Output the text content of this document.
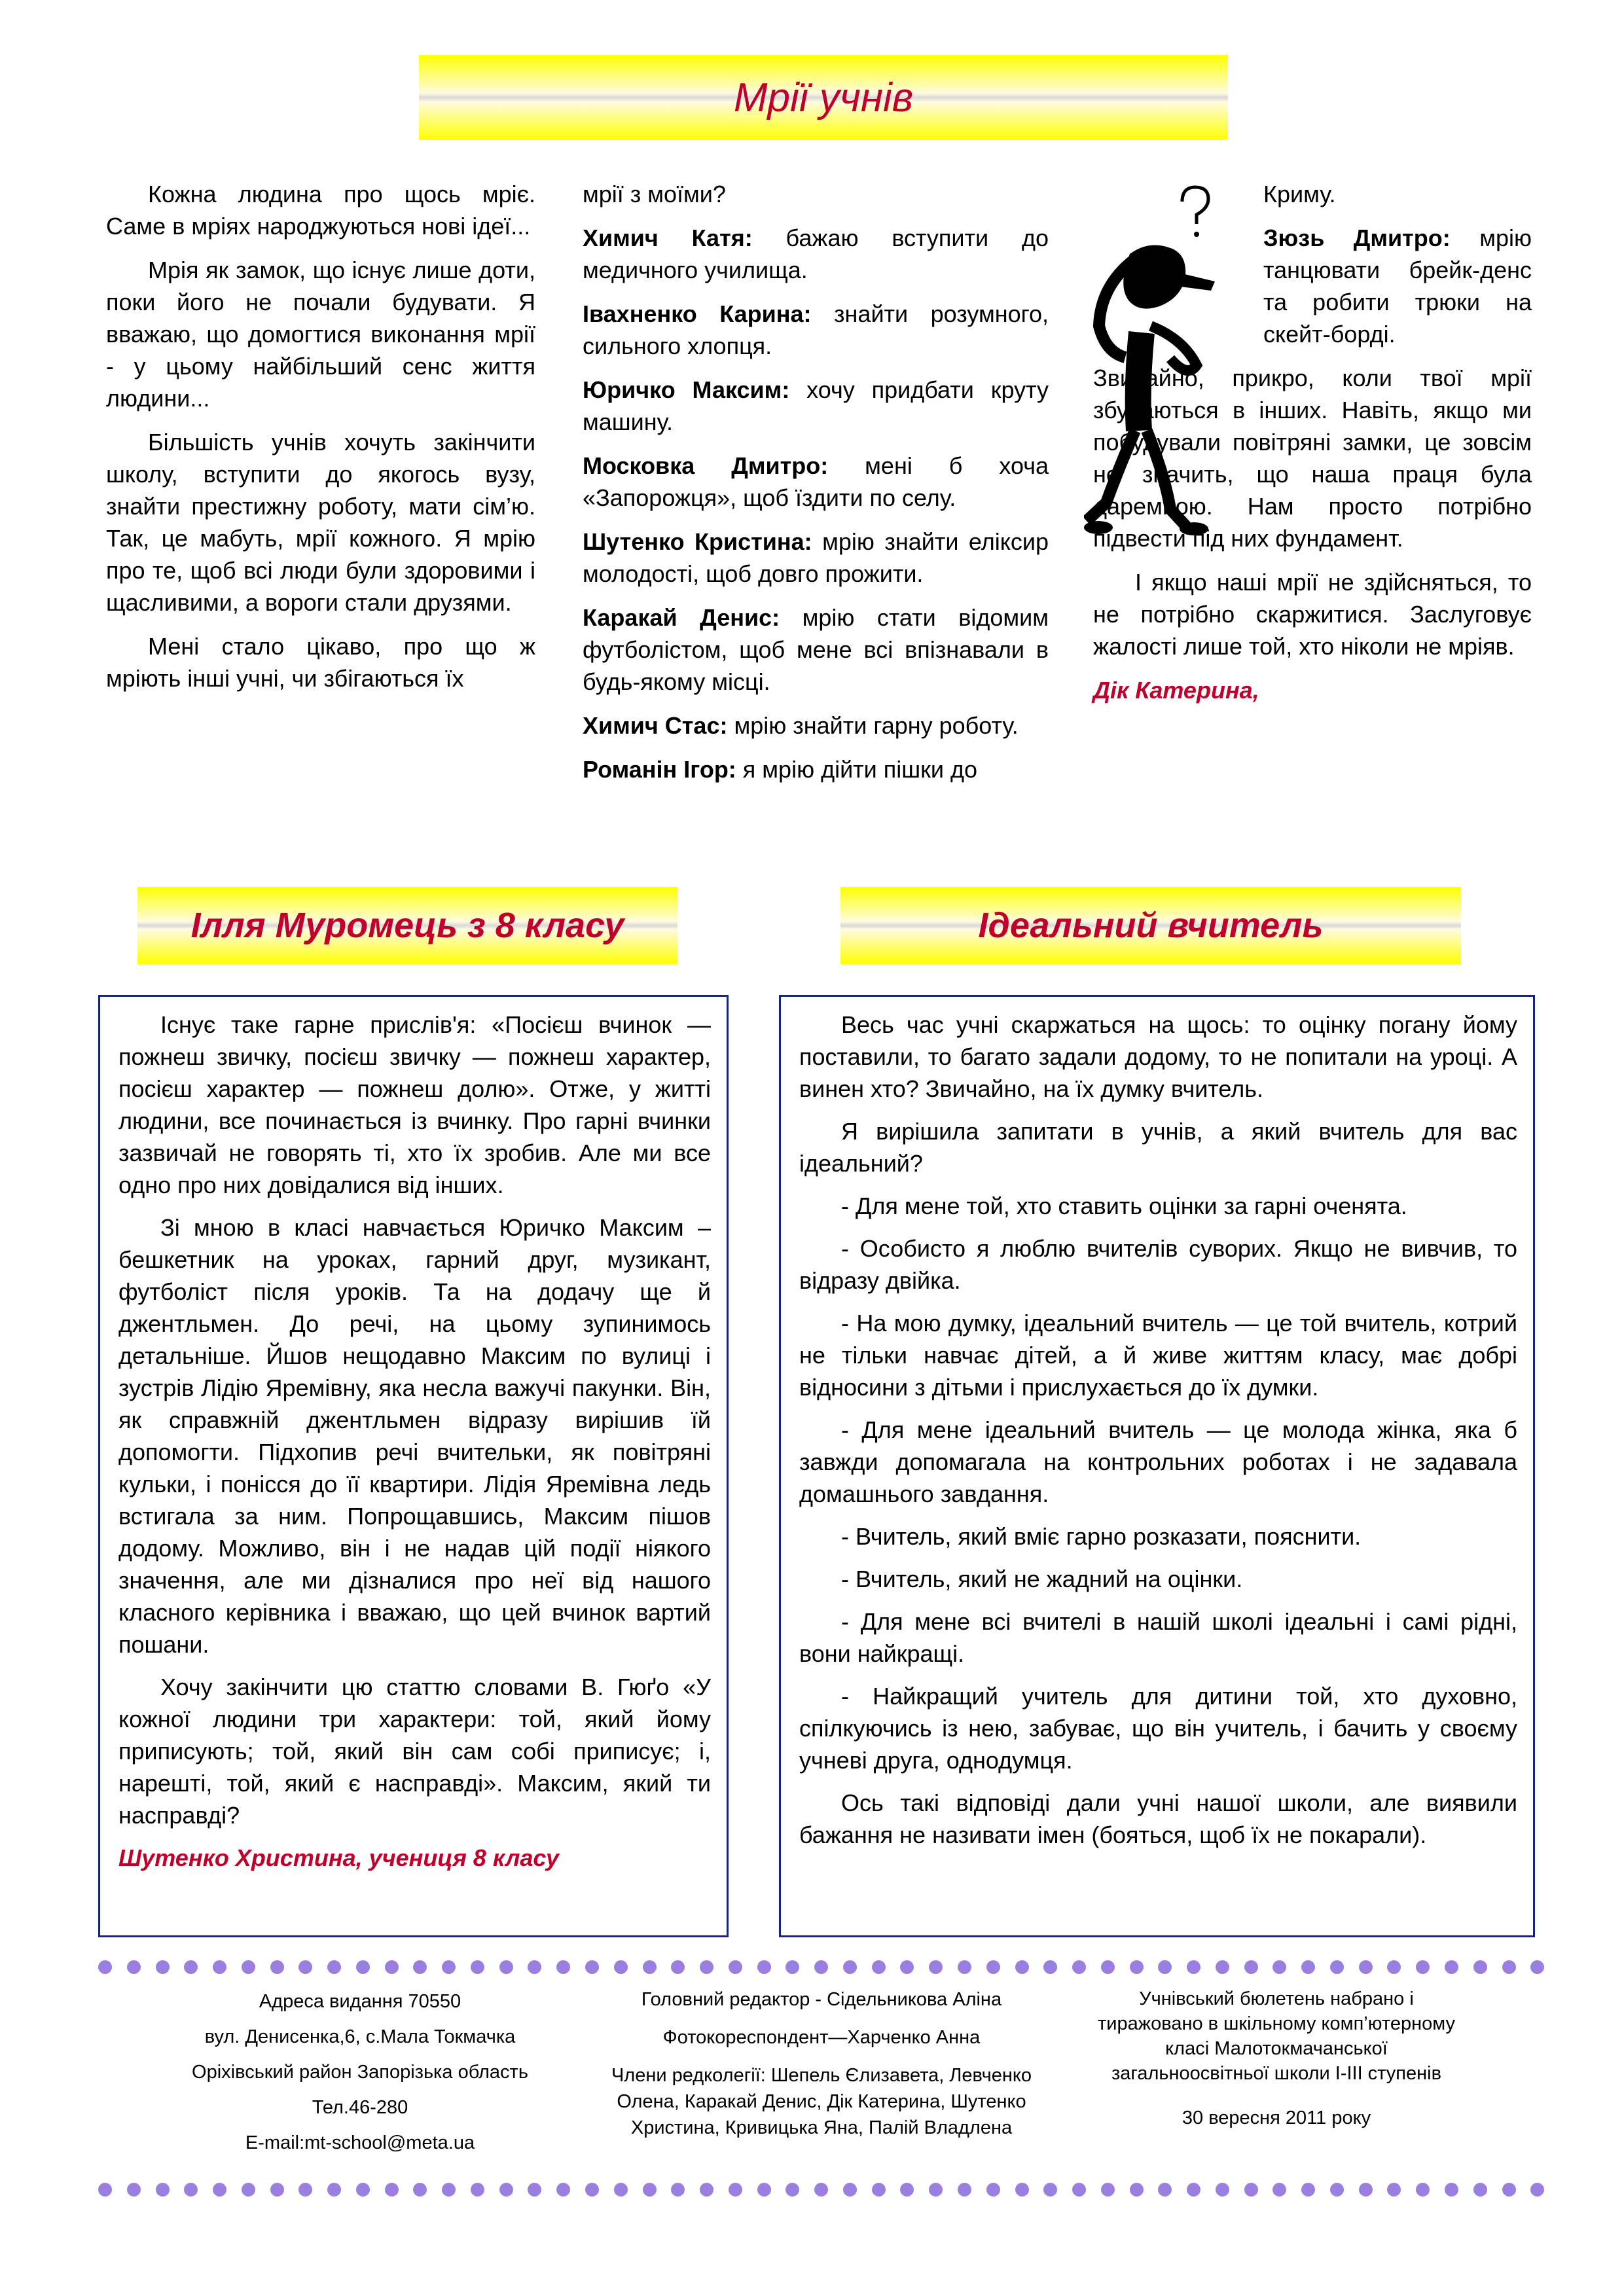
Мрії учнів

Кожна людина про щось мріє. Саме в мріях народжуються нові ідеї...

Мрія як замок, що існує лише доти, поки його не почали будувати. Я вважаю, що домогтися виконання мрії - у цьому найбільший сенс життя людини...

Більшість учнів хочуть закінчити школу, вступити до якогось вузу, знайти престижну роботу, мати сім’ю. Так, це мабуть, мрії кожного. Я мрію про те, щоб всі люди були здоровими і щасливими, а вороги стали друзями.

Мені стало цікаво, про що ж мріють інші учні, чи збігаються їх

мрії з моїми?

Химич Катя: бажаю вступити до медичного училища.

Івахненко Карина: знайти розумного, сильного хлопця.

Юричко Максим: хочу придбати круту машину.

Московка Дмитро: мені б хоча «Запорожця», щоб їздити по селу.

Шутенко Кристина: мрію знайти еліксир молодості, щоб довго прожити.

Каракай Денис: мрію стати відомим футболістом, щоб мене всі впізнавали в будь-якому місці.

Химич Стас: мрію знайти гарну роботу.

Романін Ігор: я мрію дійти пішки до

Криму.

Зюзь Дмитро: мрію танцювати брейк-денс та робити трюки на скейт-борді.

Звичайно, прикро, коли твої мрії збуваються в інших. Навіть, якщо ми побудували повітряні замки, це зовсім не значить, що наша праця була даремною. Нам просто потрібно підвести під них фундамент.

І якщо наші мрії не здійсняться, то не потрібно скаржитися. Заслуговує жалості лише той, хто ніколи не мріяв.

Дік Катерина,

Ілля Муромець з 8 класу	Ідеальний вчитель

Існує таке гарне прислів'я: «Посієш вчинок — пожнеш звичку, посієш звичку — пожнеш характер, посієш характер — пожнеш долю». Отже, у житті людини, все починається із вчинку. Про гарні вчинки зазвичай не говорять ті, хто їх зробив. Але ми все одно про них довідалися від інших.

Зі мною в класі навчається Юричко Максим – бешкетник на уроках, гарний друг, музикант, футболіст після уроків. Та на додачу ще й джентльмен. До речі, на цьому зупинимось детальніше. Йшов нещодавно Максим по вулиці і зустрів Лідію Яремівну, яка несла важучі пакунки. Він, як справжній джентльмен відразу вирішив їй допомогти. Підхопив речі вчительки, як повітряні кульки, і понісся до її квартири. Лідія Яремівна ледь встигала за ним. Попрощавшись, Максим пішов додому. Можливо, він і не надав цій події ніякого значення, але ми дізналися про неї від нашого класного керівника і вважаю, що цей вчинок вартий пошани.

Хочу закінчити цю статтю словами В. Гюґо «У кожної людини три характери: той, який йому приписують; той, який він сам собі приписує; і, нарешті, той, який є насправді». Максим, який ти насправді?

Шутенко Христина, учениця 8 класу

Весь час учні скаржаться на щось: то оцінку погану йому поставили, то багато задали додому, то не попитали на уроці. А винен хто? Звичайно, на їх думку вчитель.

Я вирішила запитати в учнів, а який вчитель для вас ідеальний?

- Для мене той, хто ставить оцінки за гарні оченята.

- Особисто я люблю вчителів суворих. Якщо не вивчив, то відразу двійка.

- На мою думку, ідеальний вчитель — це той вчитель, котрий не тільки навчає дітей, а й живе життям класу, має добрі відносини з дітьми і прислухається до їх думки.

- Для мене ідеальний вчитель — це молода жінка, яка б завжди допомагала на контрольних роботах і не задавала домашнього завдання.

- Вчитель, який вміє гарно розказати, пояснити.

- Вчитель, який не жадний на оцінки.

- Для мене всі вчителі в нашій школі ідеальні і самі рідні, вони найкращі.

- Найкращий учитель для дитини той, хто духовно, спілкуючись із нею, забуває, що він учитель, і бачить у своєму учневі друга, однодумця.

Ось такі відповіді дали учні нашої школи, але виявили бажання не називати імен (бояться, щоб їх не покарали).

Адреса видання 70550
вул. Денисенка,6, с.Мала Токмачка
Оріхівський район Запорізька область
Тел.46-280
E-mail:mt-school@meta.ua
Головний редактор - Сідельникова Аліна
Фотокореспондент—Харченко Анна
Члени редколегії: Шепель Єлизавета, Левченко Олена, Каракай Денис, Дік Катерина, Шутенко Христина, Кривицька Яна, Палій Владлена
Учнівський бюлетень набрано і тиражовано в шкільному комп’ютерному класі Малотокмачанської загальноосвітньої школи І-ІІІ ступенів
30 вересня 2011 року
